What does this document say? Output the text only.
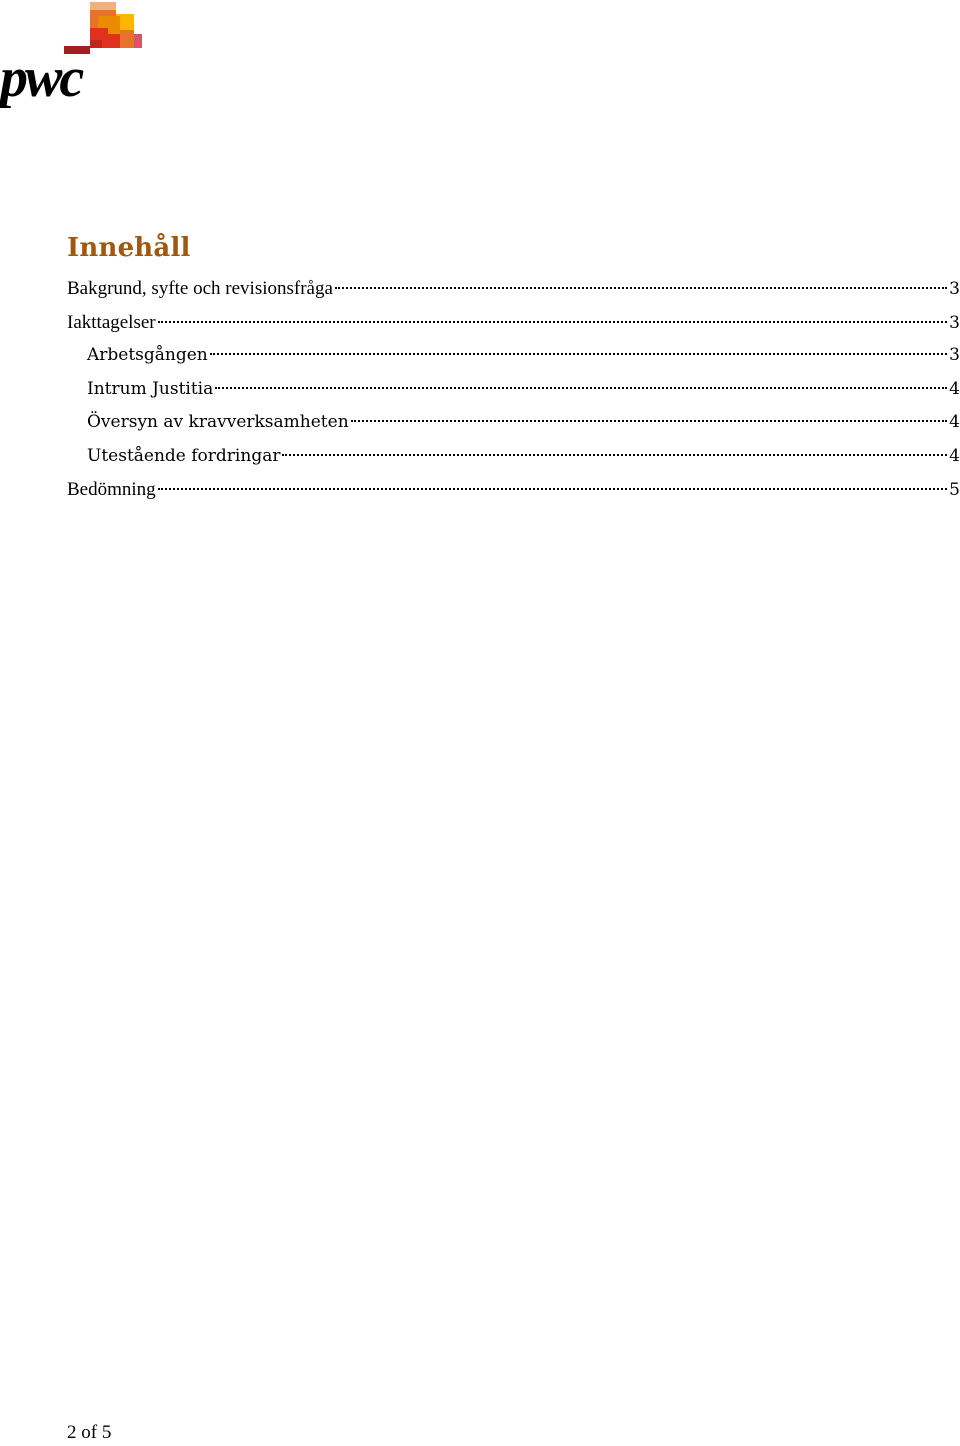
pwc
Innehåll
Bakgrund, syfte och revisionsfråga	3
Iakttagelser	3
Arbetsgången	3
Intrum Justitia	4
Översyn av kravverksamheten	4
Utestående fordringar	4
Bedömning	5
2 of 5
